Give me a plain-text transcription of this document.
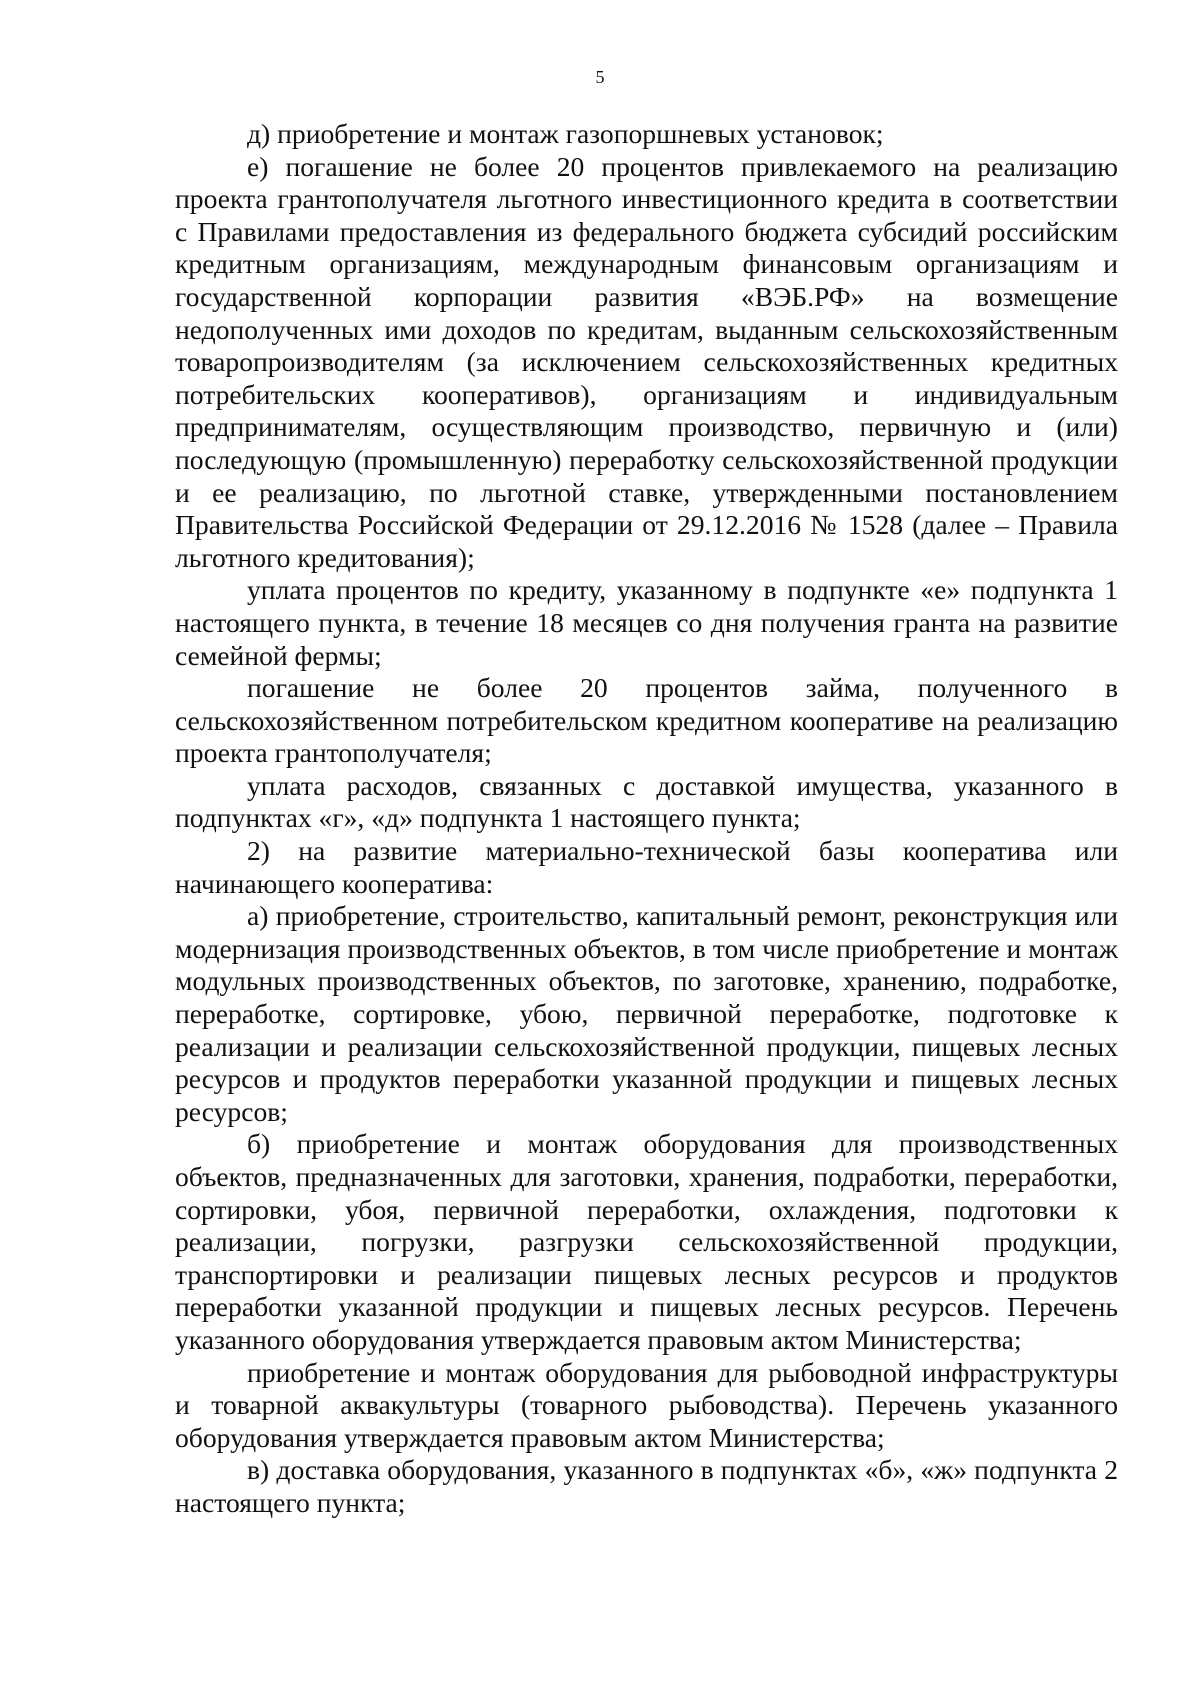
5

д) приобретение и монтаж газопоршневых установок;

е) погашение не более 20 процентов привлекаемого на реализацию проекта грантополучателя льготного инвестиционного кредита в соответствии с Правилами предоставления из федерального бюджета субсидий российским кредитным организациям, международным финансовым организациям и государственной корпорации развития «ВЭБ.РФ» на возмещение недополученных ими доходов по кредитам, выданным сельскохозяйственным товаропроизводителям (за исключением сельскохозяйственных кредитных потребительских кооперативов), организациям и индивидуальным предпринимателям, осуществляющим производство, первичную и (или) последующую (промышленную) переработку сельскохозяйственной продукции и ее реализацию, по льготной ставке, утвержденными постановлением Правительства Российской Федерации от 29.12.2016 № 1528 (далее – Правила льготного кредитования);

уплата процентов по кредиту, указанному в подпункте «е» подпункта 1 настоящего пункта, в течение 18 месяцев со дня получения гранта на развитие семейной фермы;

погашение не более 20 процентов займа, полученного в сельскохозяйственном потребительском кредитном кооперативе на реализацию проекта грантополучателя;

уплата расходов, связанных с доставкой имущества, указанного в подпунктах «г», «д» подпункта 1 настоящего пункта;

2) на развитие материально-технической базы кооператива или начинающего кооператива:

а) приобретение, строительство, капитальный ремонт, реконструкция или модернизация производственных объектов, в том числе приобретение и монтаж модульных производственных объектов, по заготовке, хранению, подработке, переработке, сортировке, убою, первичной переработке, подготовке к реализации и реализации сельскохозяйственной продукции, пищевых лесных ресурсов и продуктов переработки указанной продукции и пищевых лесных ресурсов;

б) приобретение и монтаж оборудования для производственных объектов, предназначенных для заготовки, хранения, подработки, переработки, сортировки, убоя, первичной переработки, охлаждения, подготовки к реализации, погрузки, разгрузки сельскохозяйственной продукции, транспортировки и реализации пищевых лесных ресурсов и продуктов переработки указанной продукции и пищевых лесных ресурсов. Перечень указанного оборудования утверждается правовым актом Министерства;

приобретение и монтаж оборудования для рыбоводной инфраструктуры и товарной аквакультуры (товарного рыбоводства). Перечень указанного оборудования утверждается правовым актом Министерства;

в) доставка оборудования, указанного в подпунктах «б», «ж» подпункта 2 настоящего пункта;
